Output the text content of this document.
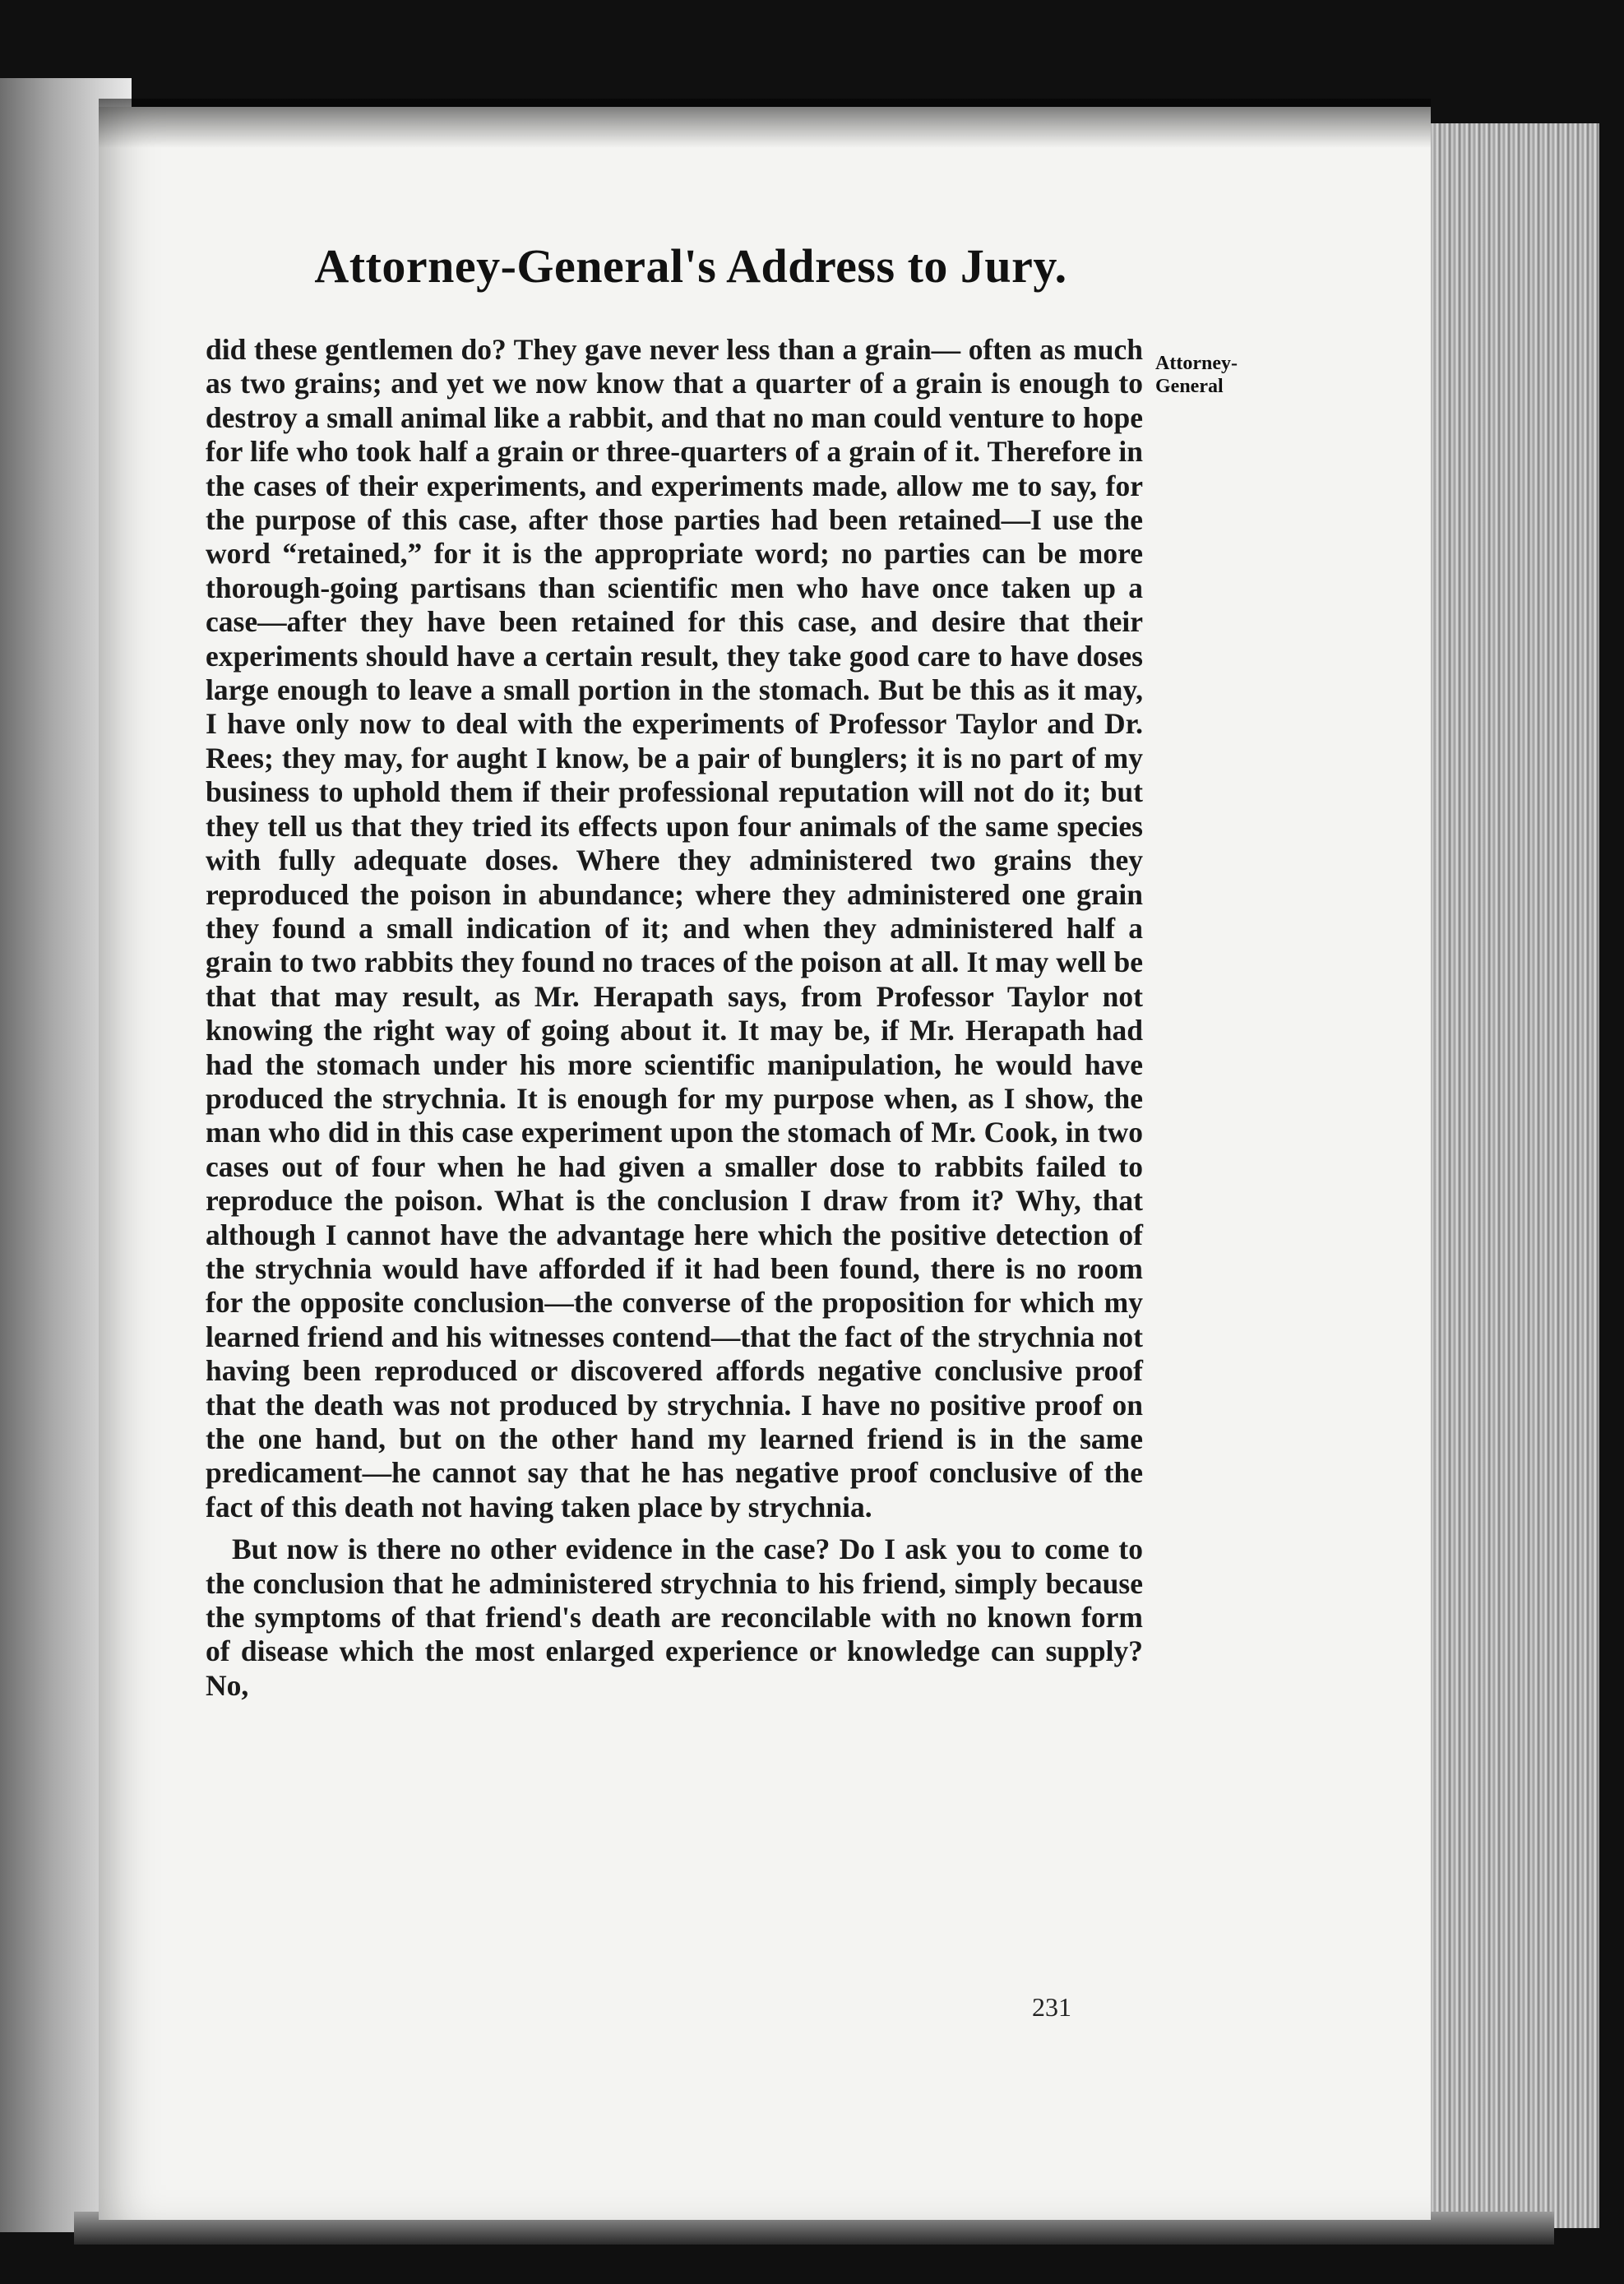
Attorney-General's Address to Jury.
Attorney-
General

did these gentlemen do? They gave never less than a grain— often as much as two grains; and yet we now know that a quarter of a grain is enough to destroy a small animal like a rabbit, and that no man could venture to hope for life who took half a grain or three-quarters of a grain of it. Therefore in the cases of their experiments, and experiments made, allow me to say, for the purpose of this case, after those parties had been retained—I use the word “retained,” for it is the appropriate word; no parties can be more thorough-going partisans than scientific men who have once taken up a case—after they have been retained for this case, and desire that their experiments should have a certain result, they take good care to have doses large enough to leave a small portion in the stomach. But be this as it may, I have only now to deal with the experiments of Professor Taylor and Dr. Rees; they may, for aught I know, be a pair of bunglers; it is no part of my business to uphold them if their professional reputation will not do it; but they tell us that they tried its effects upon four animals of the same species with fully adequate doses. Where they administered two grains they reproduced the poison in abundance; where they administered one grain they found a small indication of it; and when they administered half a grain to two rabbits they found no traces of the poison at all. It may well be that that may result, as Mr. Herapath says, from Professor Taylor not knowing the right way of going about it. It may be, if Mr. Herapath had had the stomach under his more scientific manipulation, he would have produced the strychnia. It is enough for my purpose when, as I show, the man who did in this case experiment upon the stomach of Mr. Cook, in two cases out of four when he had given a smaller dose to rabbits failed to reproduce the poison. What is the conclusion I draw from it? Why, that although I cannot have the advantage here which the positive detection of the strychnia would have afforded if it had been found, there is no room for the opposite conclusion—the converse of the proposition for which my learned friend and his witnesses contend—that the fact of the strychnia not having been reproduced or discovered affords negative conclusive proof that the death was not produced by strychnia. I have no positive proof on the one hand, but on the other hand my learned friend is in the same predicament—he cannot say that he has negative proof conclusive of the fact of this death not having taken place by strychnia.

But now is there no other evidence in the case? Do I ask you to come to the conclusion that he administered strychnia to his friend, simply because the symptoms of that friend's death are reconcilable with no known form of disease which the most enlarged experience or knowledge can supply? No,

231
